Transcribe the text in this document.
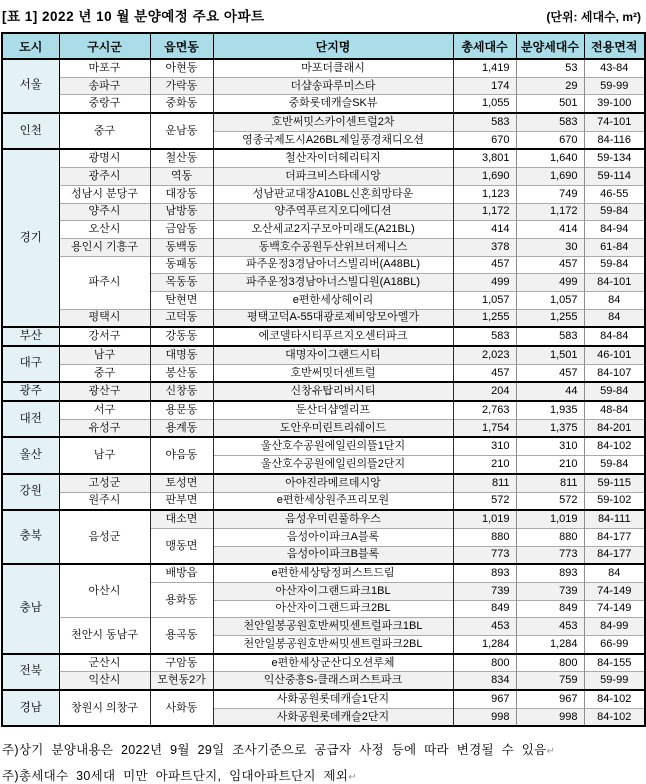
[표 1] 2022 년 10 월 분양예정 주요 아파트	(단위: 세대수, m²)
도시	구시군	읍면동	단지명	총세대수	분양세대수	전용면적
서울	마포구	아현동	마포더클래시	1,419	53	43-84
	송파구	가락동	더샵송파루미스타	174	29	59-99
	중랑구	중화동	중화롯데캐슬SK뷰	1,055	501	39-100
인천	중구	운남동	호반써밋스카이센트럴2차	583	583	74-101
			영종국제도시A26BL제일풍경채디오션	670	670	84-116
경기	광명시	철산동	철산자이더헤리티지	3,801	1,640	59-134
	광주시	역동	더파크비스타데시앙	1,690	1,690	59-114
	성남시 분당구	대장동	성남판교대장A10BL신혼희망타운	1,123	749	46-55
	양주시	남방동	양주역푸르지오디에디션	1,172	1,172	59-84
	오산시	금암동	오산세교2지구모아미래도(A21BL)	414	414	84-94
	용인시 기흥구	동백동	동백호수공원두산위브더제니스	378	30	61-84
	파주시	동패동	파주운정3경남아너스빌리버(A48BL)	457	457	59-84
		목동동	파주운정3경남아너스빌디원(A18BL)	499	499	84-101
		탄현면	e편한세상헤이리	1,057	1,057	84
	평택시	고덕동	평택고덕A-55대광로제비앙모아엘가	1,255	1,255	84
부산	강서구	강동동	에코델타시티푸르지오센터파크	583	583	84-84
대구	남구	대명동	대명자이그랜드시티	2,023	1,501	46-101
	중구	봉산동	호반써밋더센트럴	457	457	84-107
광주	광산구	신창동	신창유탑리버시티	204	44	59-84
대전	서구	용문동	둔산더샵엘리프	2,763	1,935	48-84
	유성구	용계동	도안우미린트리쉐이드	1,754	1,375	84-201
울산	남구	야음동	울산호수공원에일린의뜰1단지	310	310	84-102
			울산호수공원에일린의뜰2단지	210	210	59-84
강원	고성군	토성면	아야진라메르데시앙	811	811	59-115
	원주시	판부면	e편한세상원주프리모원	572	572	59-102
충북	음성군	대소면	음성우미린풀하우스	1,019	1,019	84-111
		맹동면	음성아이파크A블록	880	880	84-177
			음성아이파크B블록	773	773	84-177
충남	아산시	배방읍	e편한세상탕정퍼스트드림	893	893	84
		용화동	아산자이그랜드파크1BL	739	739	74-149
			아산자이그랜드파크2BL	849	849	74-149
	천안시 동남구	용곡동	천안일봉공원호반써밋센트럴파크1BL	453	453	84-99
			천안일봉공원호반써밋센트럴파크2BL	1,284	1,284	66-99
전북	군산시	구암동	e편한세상군산디오션루체	800	800	84-155
	익산시	모현동2가	익산중흥S-클래스퍼스트파크	834	759	59-99
경남	창원시 의창구	사화동	사화공원롯데캐슬1단지	967	967	84-102
			사화공원롯데캐슬2단지	998	998	84-102
주)상기 분양내용은 2022년 9월 29일 조사기준으로 공급자 사정 등에 따라 변경될 수 있음↵
주)총세대수 30세대 미만 아파트단지, 임대아파트단지 제외↵
